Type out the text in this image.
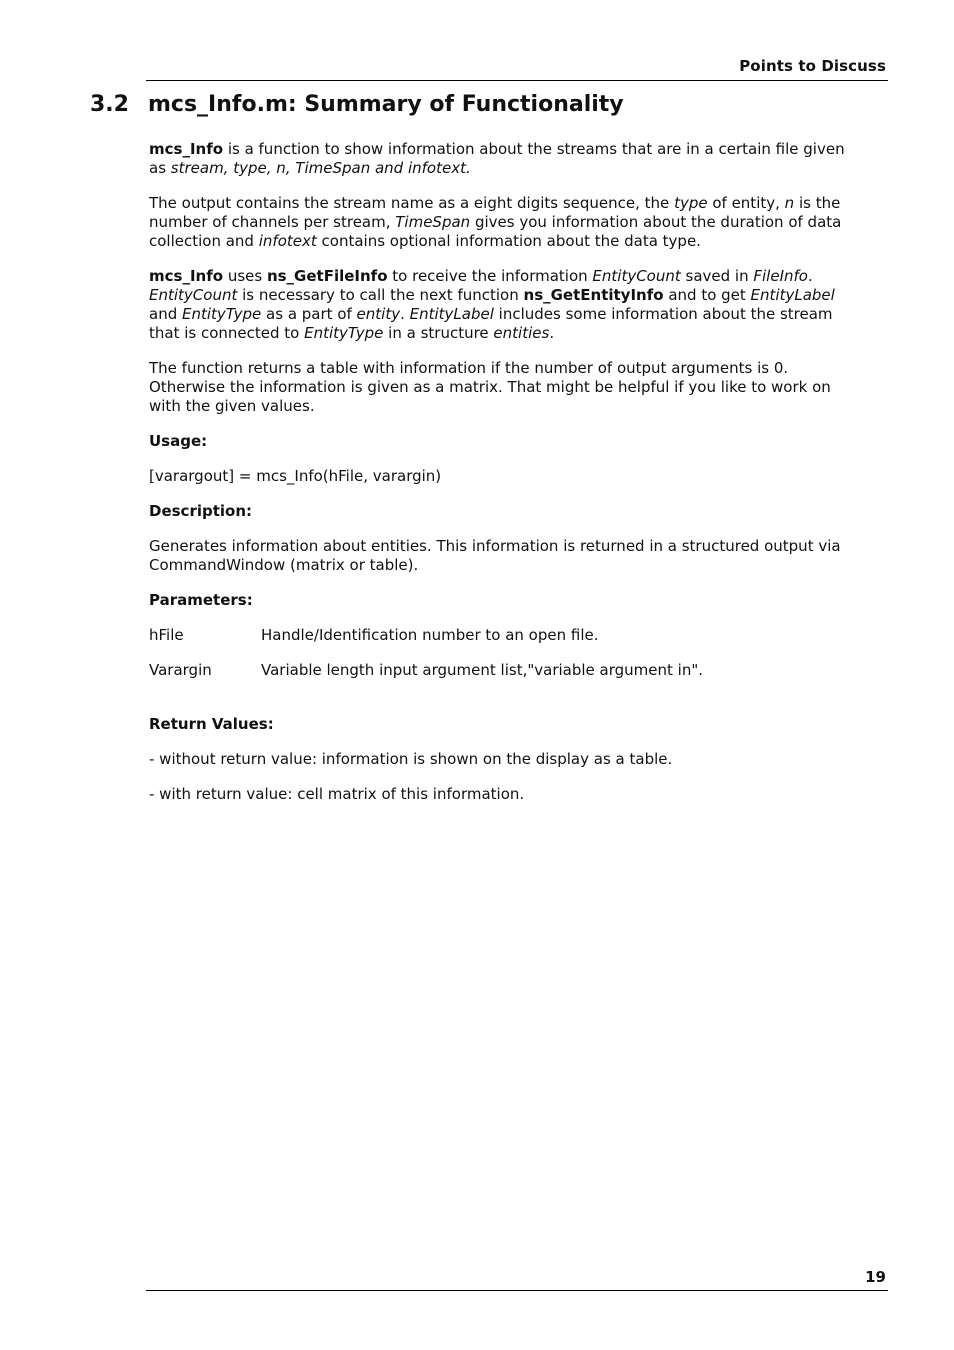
Points to Discuss
3.2 mcs_Info.m: Summary of Functionality

mcs_Info is a function to show information about the streams that are in a certain file given as stream, type, n, TimeSpan and infotext.

The output contains the stream name as a eight digits sequence, the type of entity, n is the number of channels per stream, TimeSpan gives you information about the duration of data collection and infotext contains optional information about the data type.

mcs_Info uses ns_GetFileInfo to receive the information EntityCount saved in FileInfo. EntityCount is necessary to call the next function ns_GetEntityInfo and to get EntityLabel and EntityType as a part of entity. EntityLabel includes some information about the stream that is connected to EntityType in a structure entities.

The function returns a table with information if the number of output arguments is 0. Otherwise the information is given as a matrix. That might be helpful if you like to work on with the given values.

Usage:

[varargout] = mcs_Info(hFile, varargin)

Description:

Generates information about entities. This information is returned in a structured output via CommandWindow (matrix or table).

Parameters:

hFile	Handle/Identification number to an open file.
Varargin	Variable length input argument list,"variable argument in".

Return Values:

- without return value: information is shown on the display as a table.

- with return value: cell matrix of this information.

19
